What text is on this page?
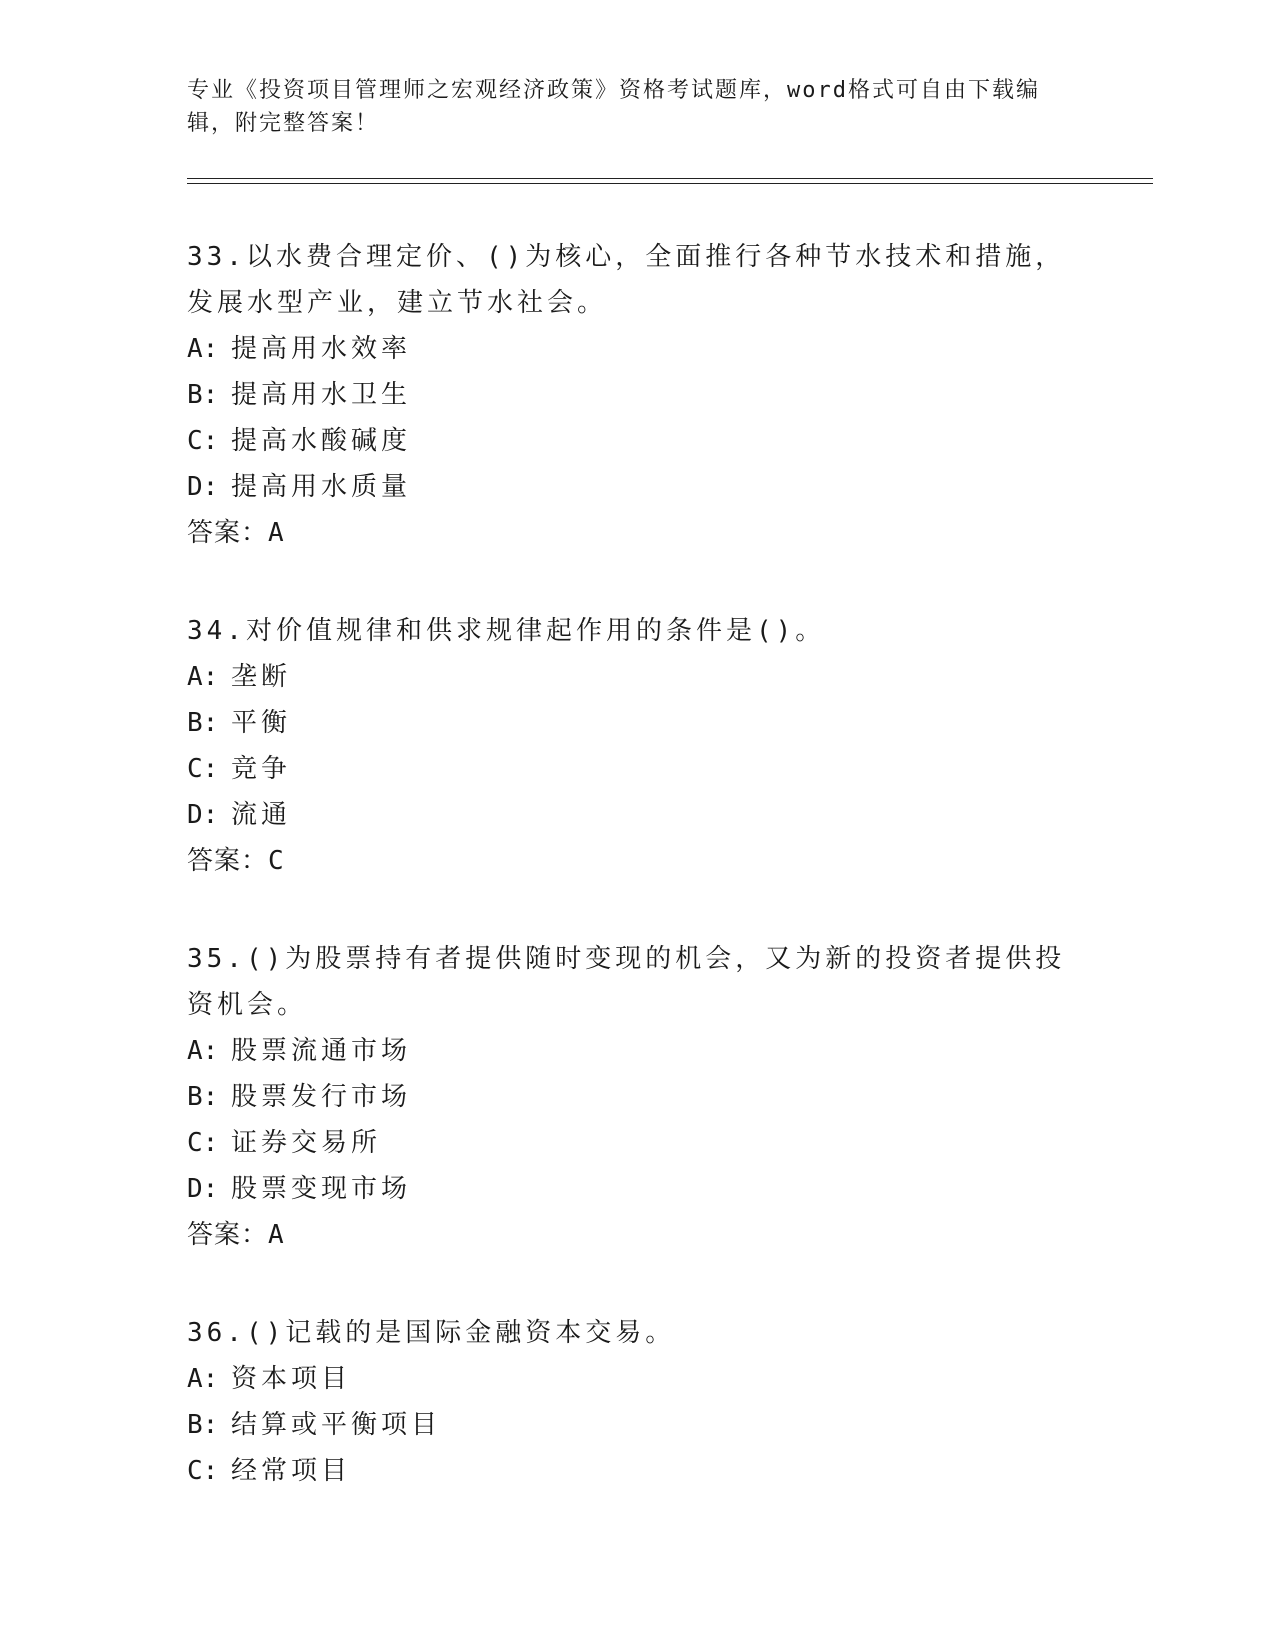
专业《投资项目管理师之宏观经济政策》资格考试题库，word格式可自由下载编辑，附完整答案！

33.以水费合理定价、()为核心，全面推行各种节水技术和措施，发展水型产业，建立节水社会。

A: 提高用水效率
B: 提高用水卫生
C: 提高水酸碱度
D: 提高用水质量
答案：A

34.对价值规律和供求规律起作用的条件是()。

A: 垄断
B: 平衡
C: 竞争
D: 流通
答案：C

35.()为股票持有者提供随时变现的机会，又为新的投资者提供投资机会。

A: 股票流通市场
B: 股票发行市场
C: 证券交易所
D: 股票变现市场
答案：A

36.()记载的是国际金融资本交易。

A: 资本项目
B: 结算或平衡项目
C: 经常项目
